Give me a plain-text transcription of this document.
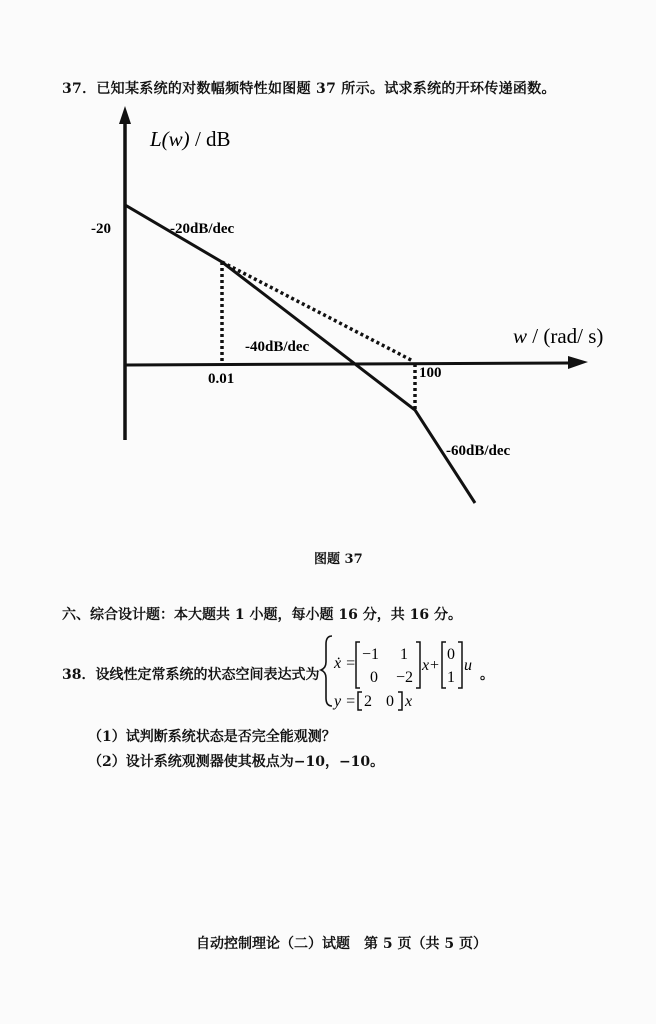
37．已知某系统的对数幅频特性如图题 37 所示。试求系统的开环传递函数。
L(w) / dB
-20
w / (rad/ s)
0.01	100
-20dB/dec
-40dB/dec
-60dB/dec
图题 37
六、综合设计题：本大题共 1 小题，每小题 16 分，共 16 分。
38．设线性定常系统的状态空间表达式为
ẋ =
−1 1
0 −2
x +
0
1
u
y = 2 0 x
。
（1）试判断系统状态是否完全能观测？
（2）设计系统观测器使其极点为−10，−10。
自动控制理论（二）试题　第 5 页（共 5 页）
